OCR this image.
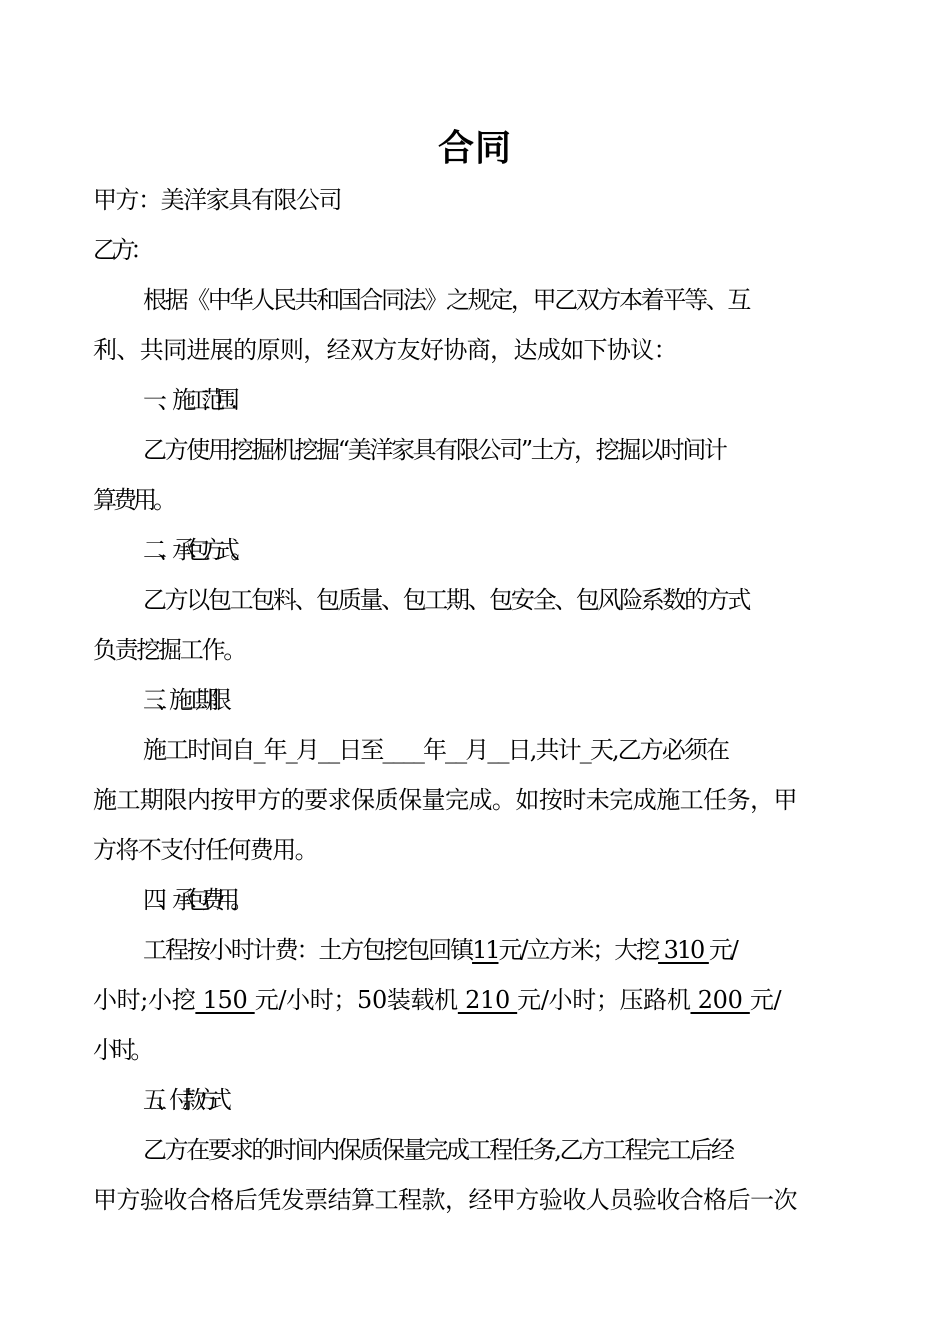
合同
甲方：美洋家具有限公司
乙方：
根据《中华人民共和国合同法》之规定，甲乙双方本着平等、互
利、共同进展的原则，经双方友好协商，达成如下协议：
一、施工范围.
乙方使用挖掘机挖掘“美洋家具有限公司”土方，挖掘以时间计
算费用。
二、承包方式。
乙方以包工包料、包质量、包工期、包安全、包风险系数的方式
负责挖掘工作。
三、施工期限
施工时间自_年_月__日至____年__月__日,共计_天,乙方必须在
施工期限内按甲方的要求保质保量完成。如按时未完成施工任务，甲
方将不支付任何费用。
四、承包费用。
工程按小时计费：土方包挖包回镇11元/立方米；大挖 310 元/
小时;小挖 150 元/小时；50装载机 210 元/小时；压路机 200 元/
小时。
五、付款方式
乙方在要求的时间内保质保量完成工程任务,乙方工程完工后经
甲方验收合格后凭发票结算工程款，经甲方验收人员验收合格后一次
